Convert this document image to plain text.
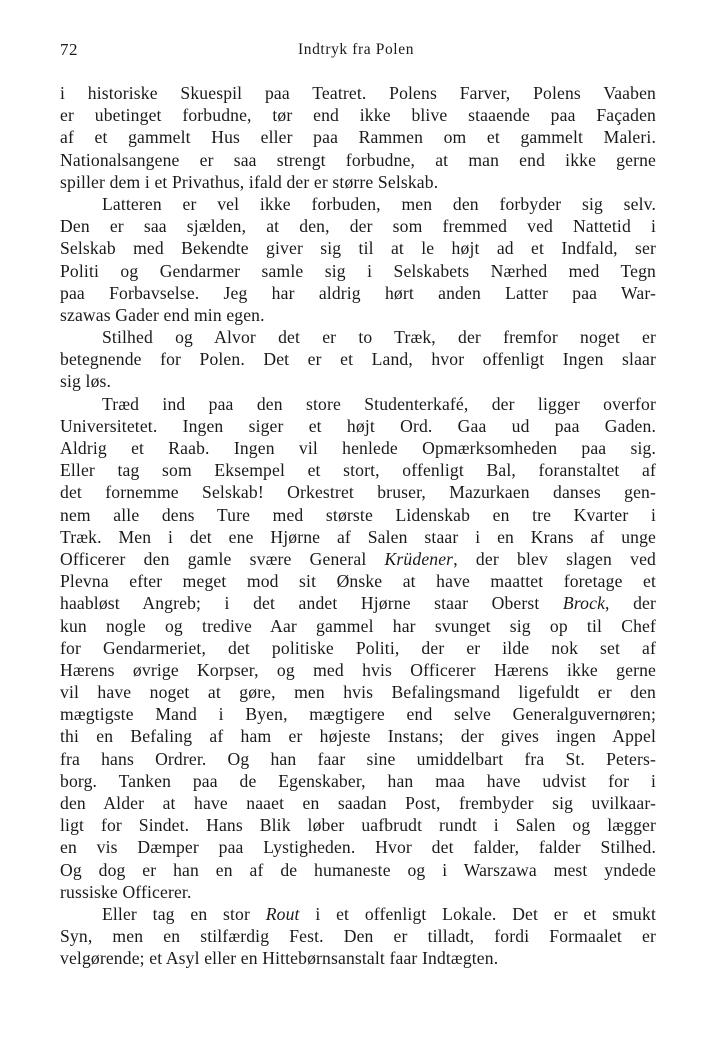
72	Indtryk fra Polen
i historiske Skuespil paa Teatret. Polens Farver, Polens Vaaben
er ubetinget forbudne, tør end ikke blive staaende paa Façaden
af et gammelt Hus eller paa Rammen om et gammelt Maleri.
Nationalsangene er saa strengt forbudne, at man end ikke gerne
spiller dem i et Privathus, ifald der er større Selskab.
Latteren er vel ikke forbuden, men den forbyder sig selv.
Den er saa sjælden, at den, der som fremmed ved Nattetid i
Selskab med Bekendte giver sig til at le højt ad et Indfald, ser
Politi og Gendarmer samle sig i Selskabets Nærhed med Tegn
paa Forbavselse. Jeg har aldrig hørt anden Latter paa War-
szawas Gader end min egen.
Stilhed og Alvor det er to Træk, der fremfor noget er
betegnende for Polen. Det er et Land, hvor offenligt Ingen slaar
sig løs.
Træd ind paa den store Studenterkafé, der ligger overfor
Universitetet. Ingen siger et højt Ord. Gaa ud paa Gaden.
Aldrig et Raab. Ingen vil henlede Opmærksomheden paa sig.
Eller tag som Eksempel et stort, offenligt Bal, foranstaltet af
det fornemme Selskab! Orkestret bruser, Mazurkaen danses gen-
nem alle dens Ture med største Lidenskab en tre Kvarter i
Træk. Men i det ene Hjørne af Salen staar i en Krans af unge
Officerer den gamle svære General Krüdener, der blev slagen ved
Plevna efter meget mod sit Ønske at have maattet foretage et
haabløst Angreb; i det andet Hjørne staar Oberst Brock, der
kun nogle og tredive Aar gammel har svunget sig op til Chef
for Gendarmeriet, det politiske Politi, der er ilde nok set af
Hærens øvrige Korpser, og med hvis Officerer Hærens ikke gerne
vil have noget at gøre, men hvis Befalingsmand ligefuldt er den
mægtigste Mand i Byen, mægtigere end selve Generalguvernøren;
thi en Befaling af ham er højeste Instans; der gives ingen Appel
fra hans Ordrer. Og han faar sine umiddelbart fra St. Peters-
borg. Tanken paa de Egenskaber, han maa have udvist for i
den Alder at have naaet en saadan Post, frembyder sig uvilkaar-
ligt for Sindet. Hans Blik løber uafbrudt rundt i Salen og lægger
en vis Dæmper paa Lystigheden. Hvor det falder, falder Stilhed.
Og dog er han en af de humaneste og i Warszawa mest yndede
russiske Officerer.
Eller tag en stor Rout i et offenligt Lokale. Det er et smukt
Syn, men en stilfærdig Fest. Den er tilladt, fordi Formaalet er
velgørende; et Asyl eller en Hittebørnsanstalt faar Indtægten.
